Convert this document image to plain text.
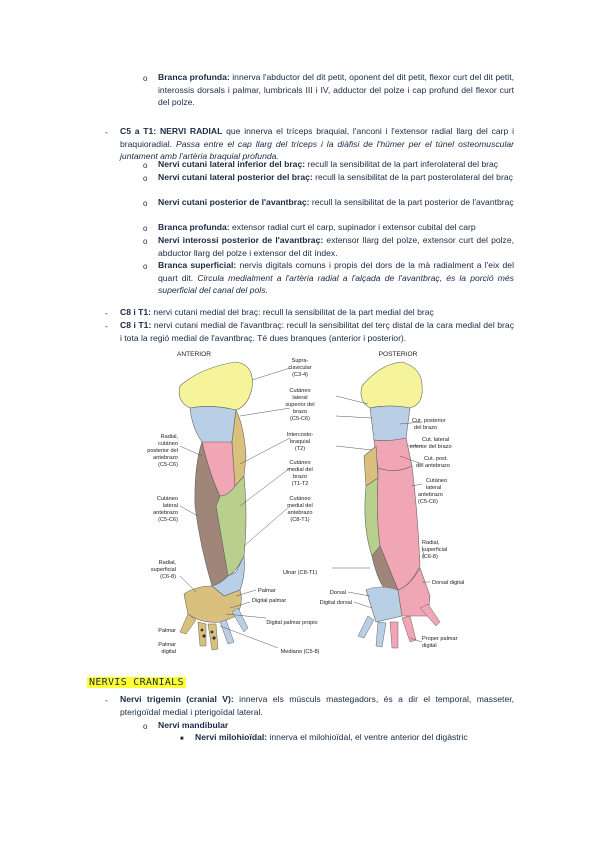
o Branca profunda: innerva l'abductor del dit petit, oponent del dit petit, flexor curt del dit petit, interossis dorsals i palmar, lumbricals III i IV, adductor del polze i cap profund del flexor curt del polze.
- C5 a T1: NERVI RADIAL que innerva el tríceps braquial, l'anconi i l'extensor radial llarg del carp i braquioradial. Passa entre el cap llarg del tríceps i la diàfisi de l'húmer per el túnel osteomuscular juntament amb l'artèria braquial profunda.
o Nervi cutani lateral inferior del braç: recull la sensibilitat de la part inferolateral del braç
o Nervi cutani lateral posterior del braç: recull la sensibilitat de la part posterolateral del braç
o Nervi cutani posterior de l'avantbraç: recull la sensibilitat de la part posterior de l'avantbraç
o Branca profunda: extensor radial curt el carp, supinador i extensor cubital del carp
o Nervi interossi posterior de l'avantbraç: extensor llarg del polze, extensor curt del polze, abductor llarg del polze i extensor del dit índex.
o Branca superficial: nervis digitals comuns i propis del dors de la mà radialment a l'eix del quart dit. Circula medialment a l'artèria radial a l'alçada de l'avantbraç, és la porció més superficial del canal del pols.
- C8 i T1: nervi cutani medial del braç: recull la sensibilitat de la part medial del braç
- C8 i T1: nervi cutani medial de l'avantbraç: recull la sensibilitat del terç distal de la cara medial del braç i tota la regió medial de l'avantbraç. Té dues branques (anterior i posterior).
ANTERIOR	POSTERIOR
Supra-
clavicular
(C3-4)
Cutáneo
lateral
superior del
brazo
(C5-C6)
Intercosto-
braquial
(T2)
Cutáneo
medial del
brazo
(T1-T2
Cutáneo
medial del
antebrazo
(C8-T1)
Ulnar (C8-T1)
Mediano (C5-8)
Digital palmar propio
Radial,
cutáneo
posterior del
antebrazo
(C5-C6)
Cutáneo
lateral
antebrazo
(C5-C6)
Radial,
superficial
(C6-8)
Palmar
Palmar
digital
Dorsal
Digital dorsal
Palmar
Digital palmar
Cut. posterior
del brazo
Cut. lateral
inferior del brazo
Cut. post.
del antebrazo
Cutáneo
lateral
antebrazo
(C5-C6)
Radial,
superficial
(C6-8)
Dorsal digital
Proper palmar
digital
NERVIS CRANIALS
- Nervi trigemin (cranial V): innerva els músculs mastegadors, és a dir el temporal, masseter, pterigoïdal medial i pterigoïdal lateral.
o Nervi mandibular
■ Nervi milohioïdal: innerva el milohioïdal, el ventre anterior del digàstric
